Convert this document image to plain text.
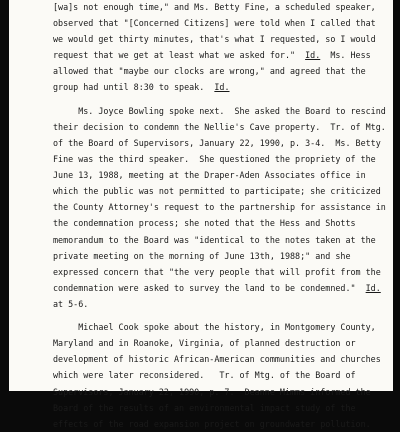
[wa]s not enough time," and Ms. Betty Fine, a scheduled speaker,
observed that "[Concerned Citizens] were told when I called that
we would get thirty minutes, that's what I requested, so I would
request that we get at least what we asked for."  Id.  Ms. Hess
allowed that "maybe our clocks are wrong," and agreed that the
group had until 8:30 to speak.  Id.
Ms. Joyce Bowling spoke next.  She asked the Board to rescind
their decision to condemn the Nellie's Cave property.  Tr. of Mtg.
of the Board of Supervisors, January 22, 1990, p. 3-4.  Ms. Betty
Fine was the third speaker.  She questioned the propriety of the
June 13, 1988, meeting at the Draper-Aden Associates office in
which the public was not permitted to participate; she criticized
the County Attorney's request to the partnership for assistance in
the condemnation process; she noted that the Hess and Shotts
memorandum to the Board was "identical to the notes taken at the
private meeting on the morning of June 13th, 1988;" and she
expressed concern that "the very people that will profit from the
condemnation were asked to survey the land to be condemned."  Id.
at 5-6.
Michael Cook spoke about the history, in Montgomery County,
Maryland and in Roanoke, Virginia, of planned destruction or
development of historic African-American communities and churches
which were later reconsidered.   Tr. of Mtg. of the Board of
Supervisors, January 22, 1990, p. 7.  Deanne Mimms informed the
Board of the results of an environmental impact study of the
effects of the road expansion project on groundwater pollution.
